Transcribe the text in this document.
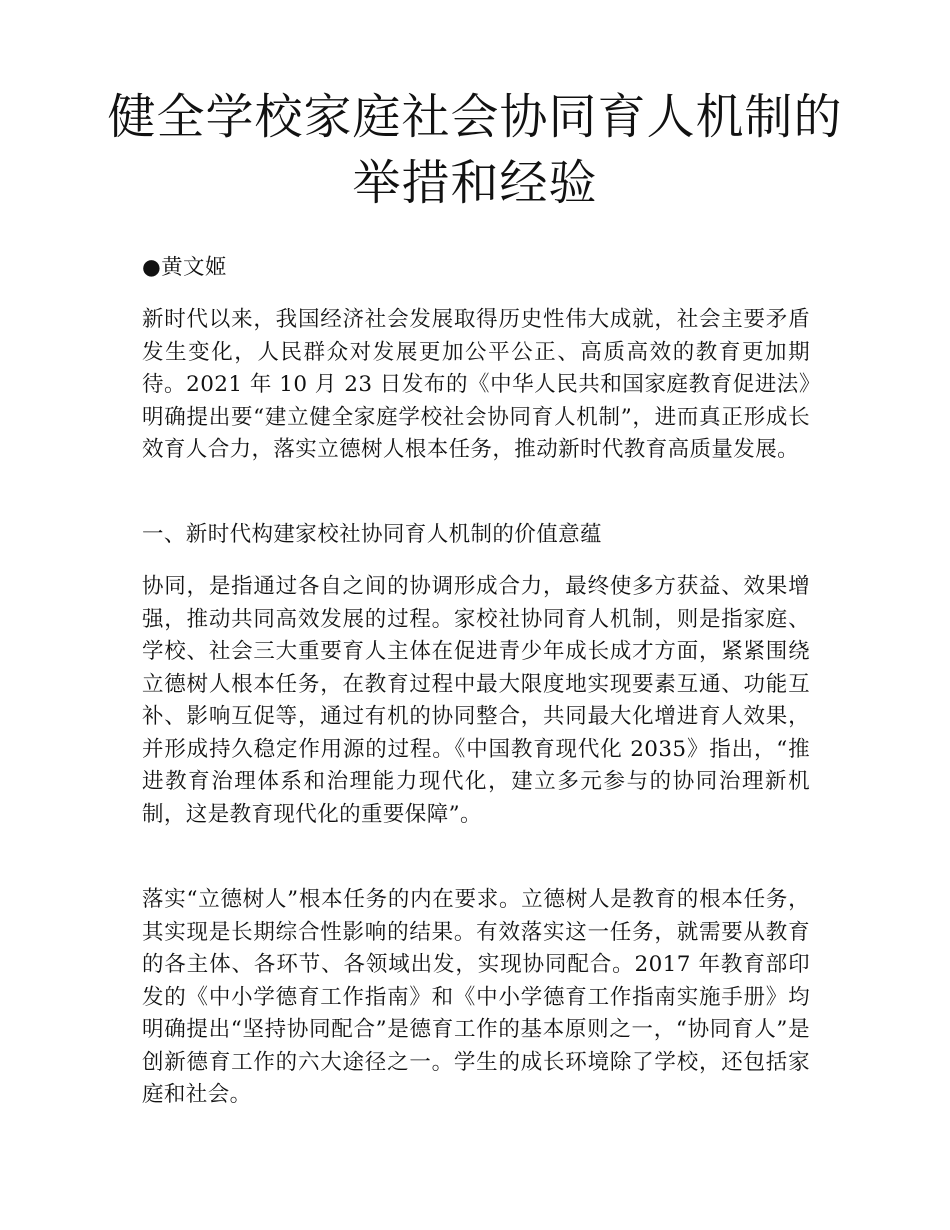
健全学校家庭社会协同育人机制的举措和经验

●黄文姬

新时代以来，我国经济社会发展取得历史性伟大成就，社会主要矛盾发生变化，人民群众对发展更加公平公正、高质高效的教育更加期待。2021 年 10 月 23 日发布的《中华人民共和国家庭教育促进法》明确提出要“建立健全家庭学校社会协同育人机制”，进而真正形成长效育人合力，落实立德树人根本任务，推动新时代教育高质量发展。

一、新时代构建家校社协同育人机制的价值意蕴

协同，是指通过各自之间的协调形成合力，最终使多方获益、效果增强，推动共同高效发展的过程。家校社协同育人机制，则是指家庭、学校、社会三大重要育人主体在促进青少年成长成才方面，紧紧围绕立德树人根本任务，在教育过程中最大限度地实现要素互通、功能互补、影响互促等，通过有机的协同整合，共同最大化增进育人效果，并形成持久稳定作用源的过程。《中国教育现代化 2035》指出，“推进教育治理体系和治理能力现代化，建立多元参与的协同治理新机制，这是教育现代化的重要保障”。

落实“立德树人”根本任务的内在要求。立德树人是教育的根本任务，其实现是长期综合性影响的结果。有效落实这一任务，就需要从教育的各主体、各环节、各领域出发，实现协同配合。2017 年教育部印发的《中小学德育工作指南》和《中小学德育工作指南实施手册》均明确提出“坚持协同配合”是德育工作的基本原则之一，“协同育人”是创新德育工作的六大途径之一。学生的成长环境除了学校，还包括家庭和社会。
